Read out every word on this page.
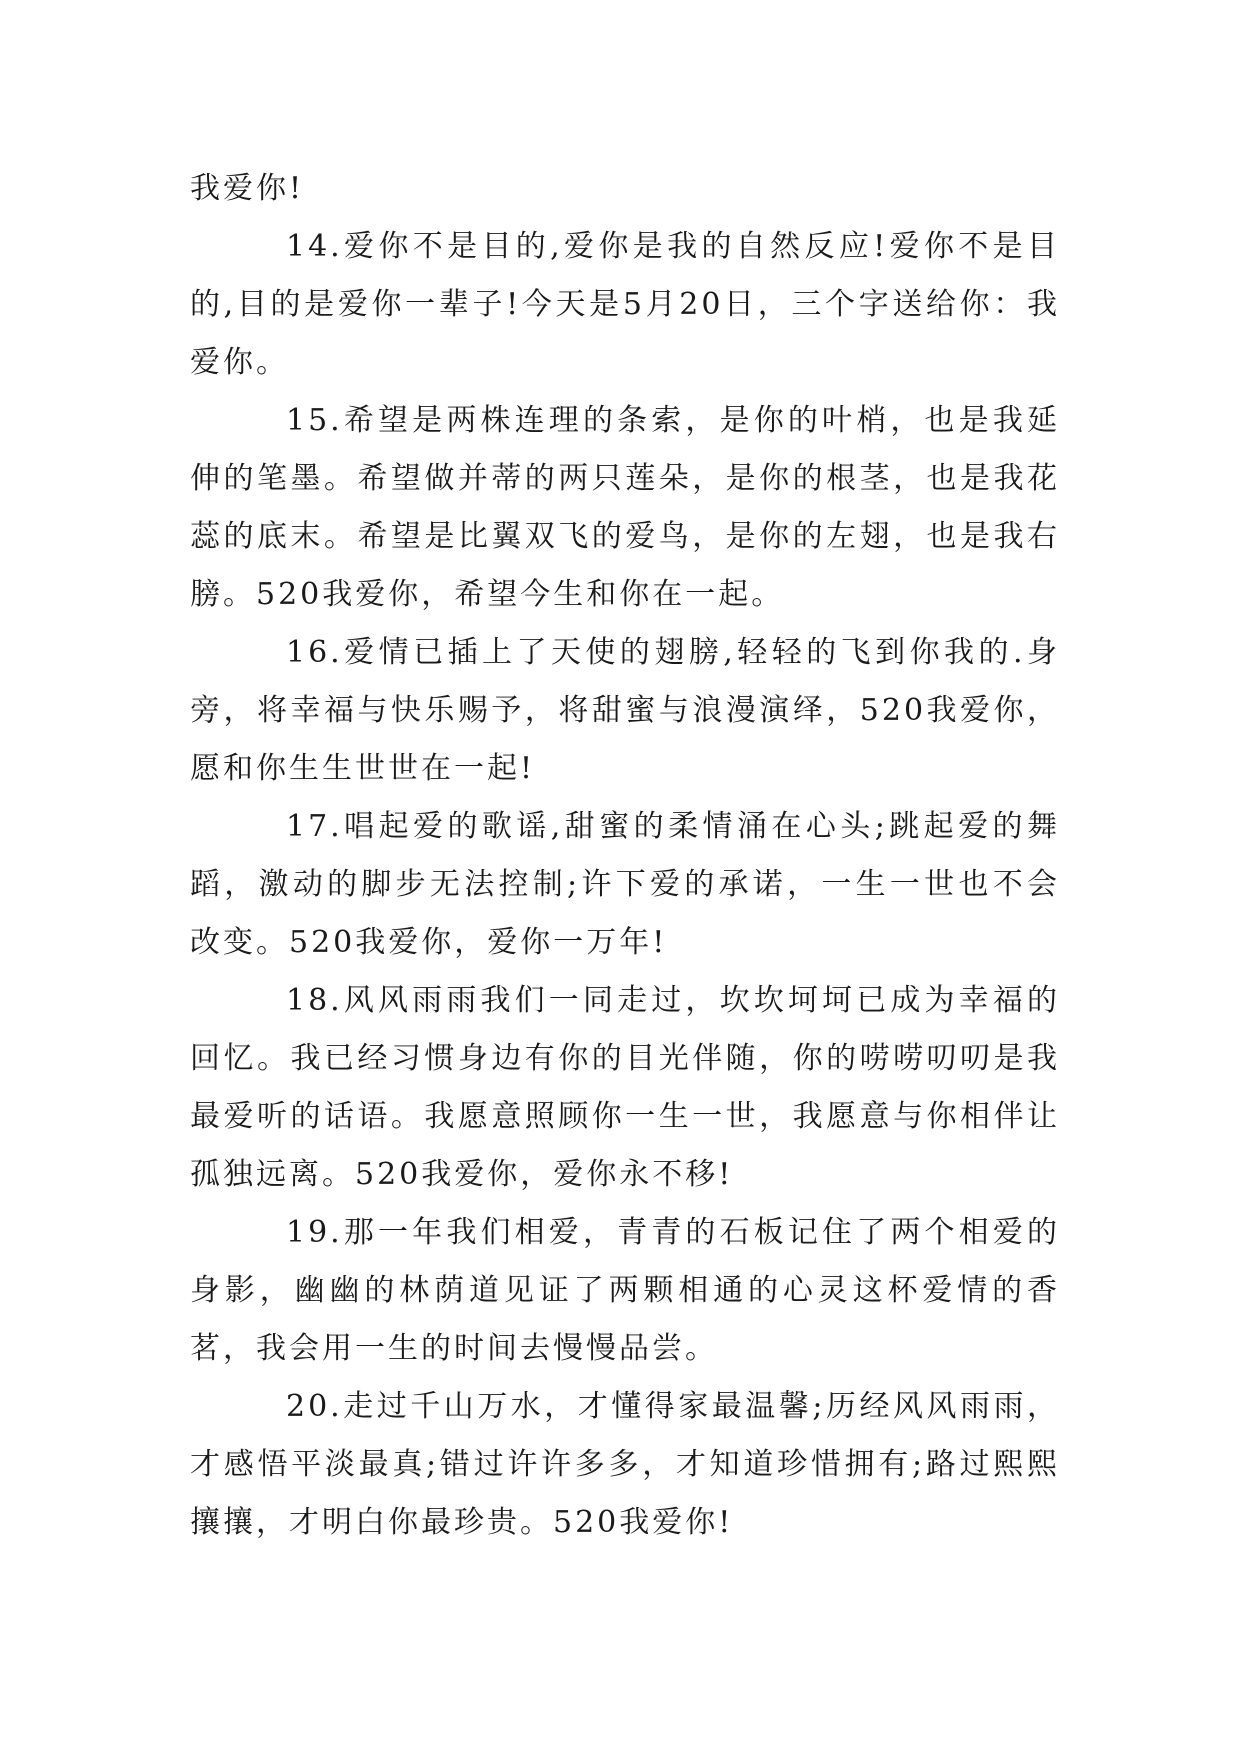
我爱你!

14.爱你不是目的,爱你是我的自然反应!爱你不是目的,目的是爱你一辈子!今天是5月20日，三个字送给你：我爱你。

15.希望是两株连理的条索，是你的叶梢，也是我延伸的笔墨。希望做并蒂的两只莲朵，是你的根茎，也是我花蕊的底末。希望是比翼双飞的爱鸟，是你的左翅，也是我右膀。520我爱你，希望今生和你在一起。

16.爱情已插上了天使的翅膀,轻轻的飞到你我的.身旁，将幸福与快乐赐予，将甜蜜与浪漫演绎，520我爱你，愿和你生生世世在一起!

17.唱起爱的歌谣,甜蜜的柔情涌在心头;跳起爱的舞蹈，激动的脚步无法控制;许下爱的承诺，一生一世也不会改变。520我爱你，爱你一万年!

18.风风雨雨我们一同走过，坎坎坷坷已成为幸福的回忆。我已经习惯身边有你的目光伴随，你的唠唠叨叨是我最爱听的话语。我愿意照顾你一生一世，我愿意与你相伴让孤独远离。520我爱你，爱你永不移!

19.那一年我们相爱，青青的石板记住了两个相爱的身影，幽幽的林荫道见证了两颗相通的心灵这杯爱情的香茗，我会用一生的时间去慢慢品尝。

20.走过千山万水，才懂得家最温馨;历经风风雨雨，才感悟平淡最真;错过许许多多，才知道珍惜拥有;路过熙熙攘攘，才明白你最珍贵。520我爱你!
